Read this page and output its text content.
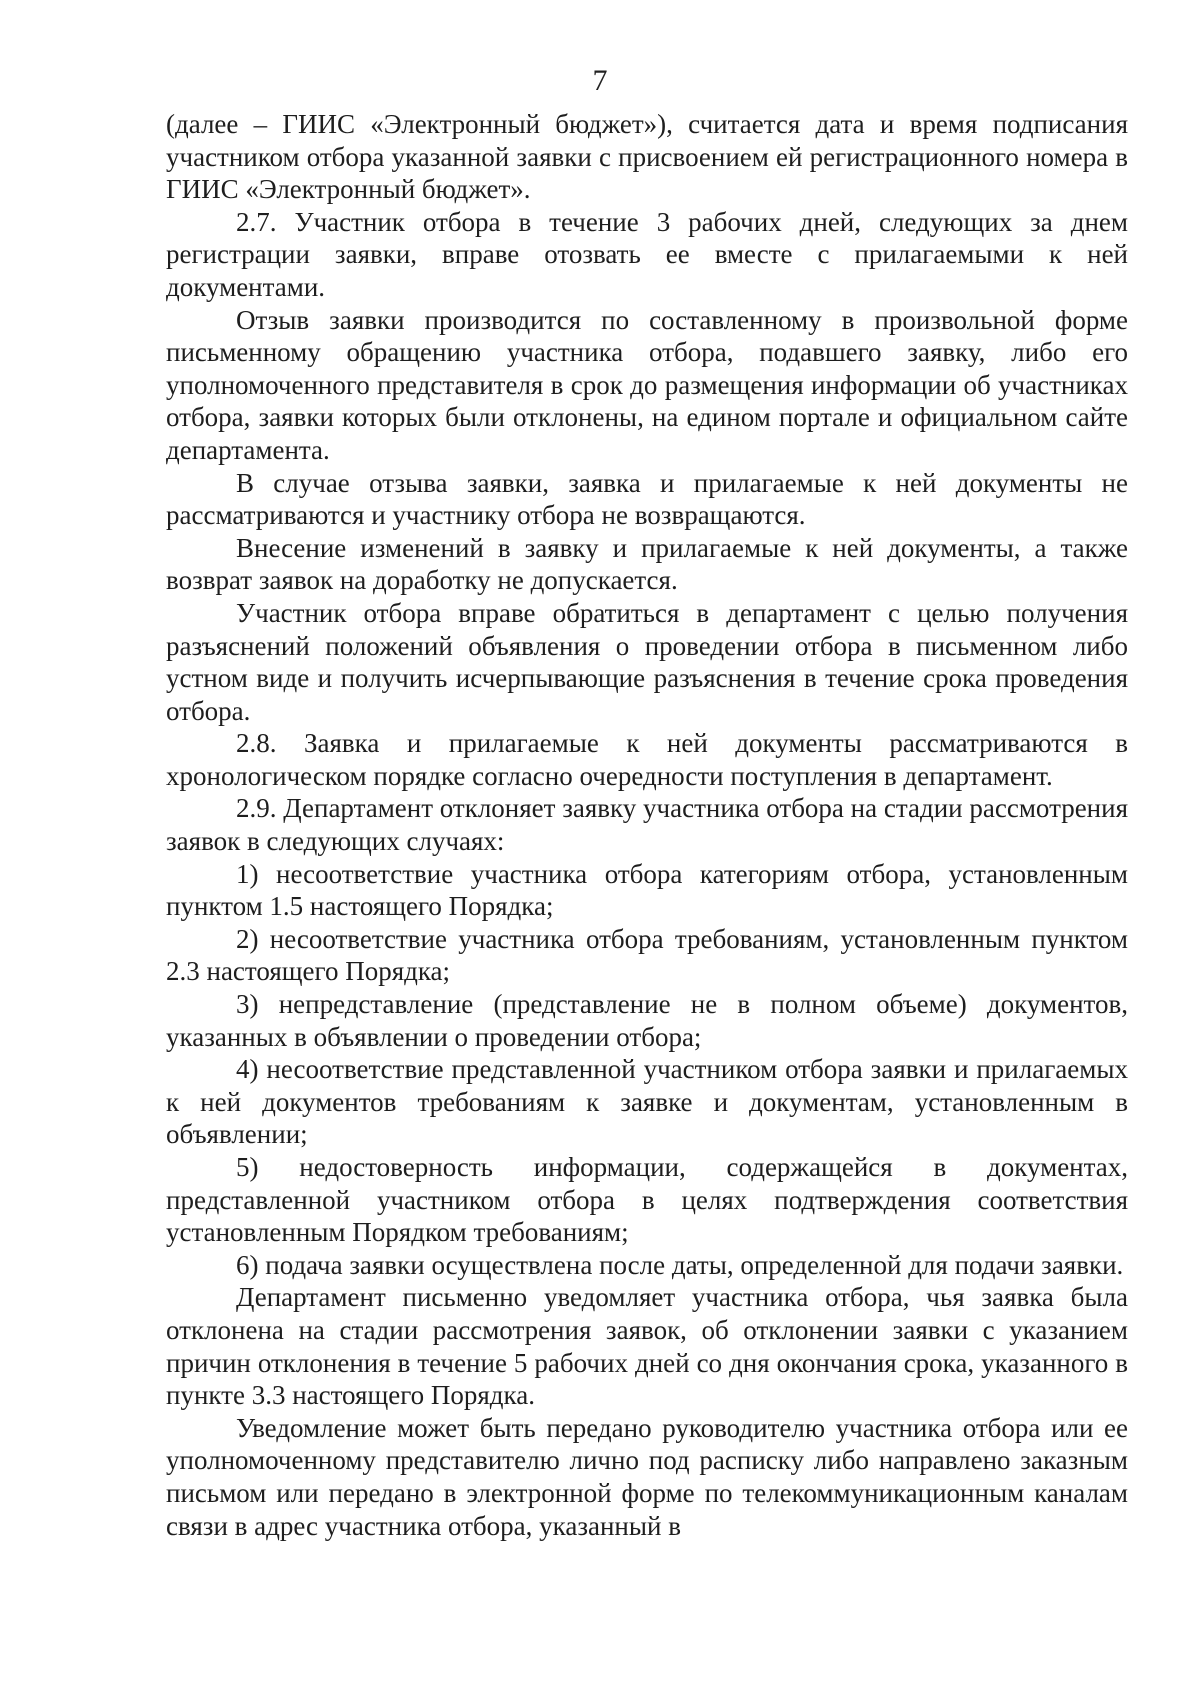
7

(далее – ГИИС «Электронный бюджет»), считается дата и время подписания участником отбора указанной заявки с присвоением ей регистрационного номера в ГИИС «Электронный бюджет».

2.7. Участник отбора в течение 3 рабочих дней, следующих за днем регистрации заявки, вправе отозвать ее вместе с прилагаемыми к ней документами.

Отзыв заявки производится по составленному в произвольной форме письменному обращению участника отбора, подавшего заявку, либо его уполномоченного представителя в срок до размещения информации об участниках отбора, заявки которых были отклонены, на едином портале и официальном сайте департамента.

В случае отзыва заявки, заявка и прилагаемые к ней документы не рассматриваются и участнику отбора не возвращаются.

Внесение изменений в заявку и прилагаемые к ней документы, а также возврат заявок на доработку не допускается.

Участник отбора вправе обратиться в департамент с целью получения разъяснений положений объявления о проведении отбора в письменном либо устном виде и получить исчерпывающие разъяснения в течение срока проведения отбора.

2.8. Заявка и прилагаемые к ней документы рассматриваются в хронологическом порядке согласно очередности поступления в департамент.

2.9. Департамент отклоняет заявку участника отбора на стадии рассмотрения заявок в следующих случаях:

1) несоответствие участника отбора категориям отбора, установленным пунктом 1.5 настоящего Порядка;

2) несоответствие участника отбора требованиям, установленным пунктом 2.3 настоящего Порядка;

3) непредставление (представление не в полном объеме) документов, указанных в объявлении о проведении отбора;

4) несоответствие представленной участником отбора заявки и прилагаемых к ней документов требованиям к заявке и документам, установленным в объявлении;

5) недостоверность информации, содержащейся в документах, представленной участником отбора в целях подтверждения соответствия установленным Порядком требованиям;

6) подача заявки осуществлена после даты, определенной для подачи заявки.

Департамент письменно уведомляет участника отбора, чья заявка была отклонена на стадии рассмотрения заявок, об отклонении заявки с указанием причин отклонения в течение 5 рабочих дней со дня окончания срока, указанного в пункте 3.3 настоящего Порядка.

Уведомление может быть передано руководителю участника отбора или ее уполномоченному представителю лично под расписку либо направлено заказным письмом или передано в электронной форме по телекоммуникационным каналам связи в адрес участника отбора, указанный в
